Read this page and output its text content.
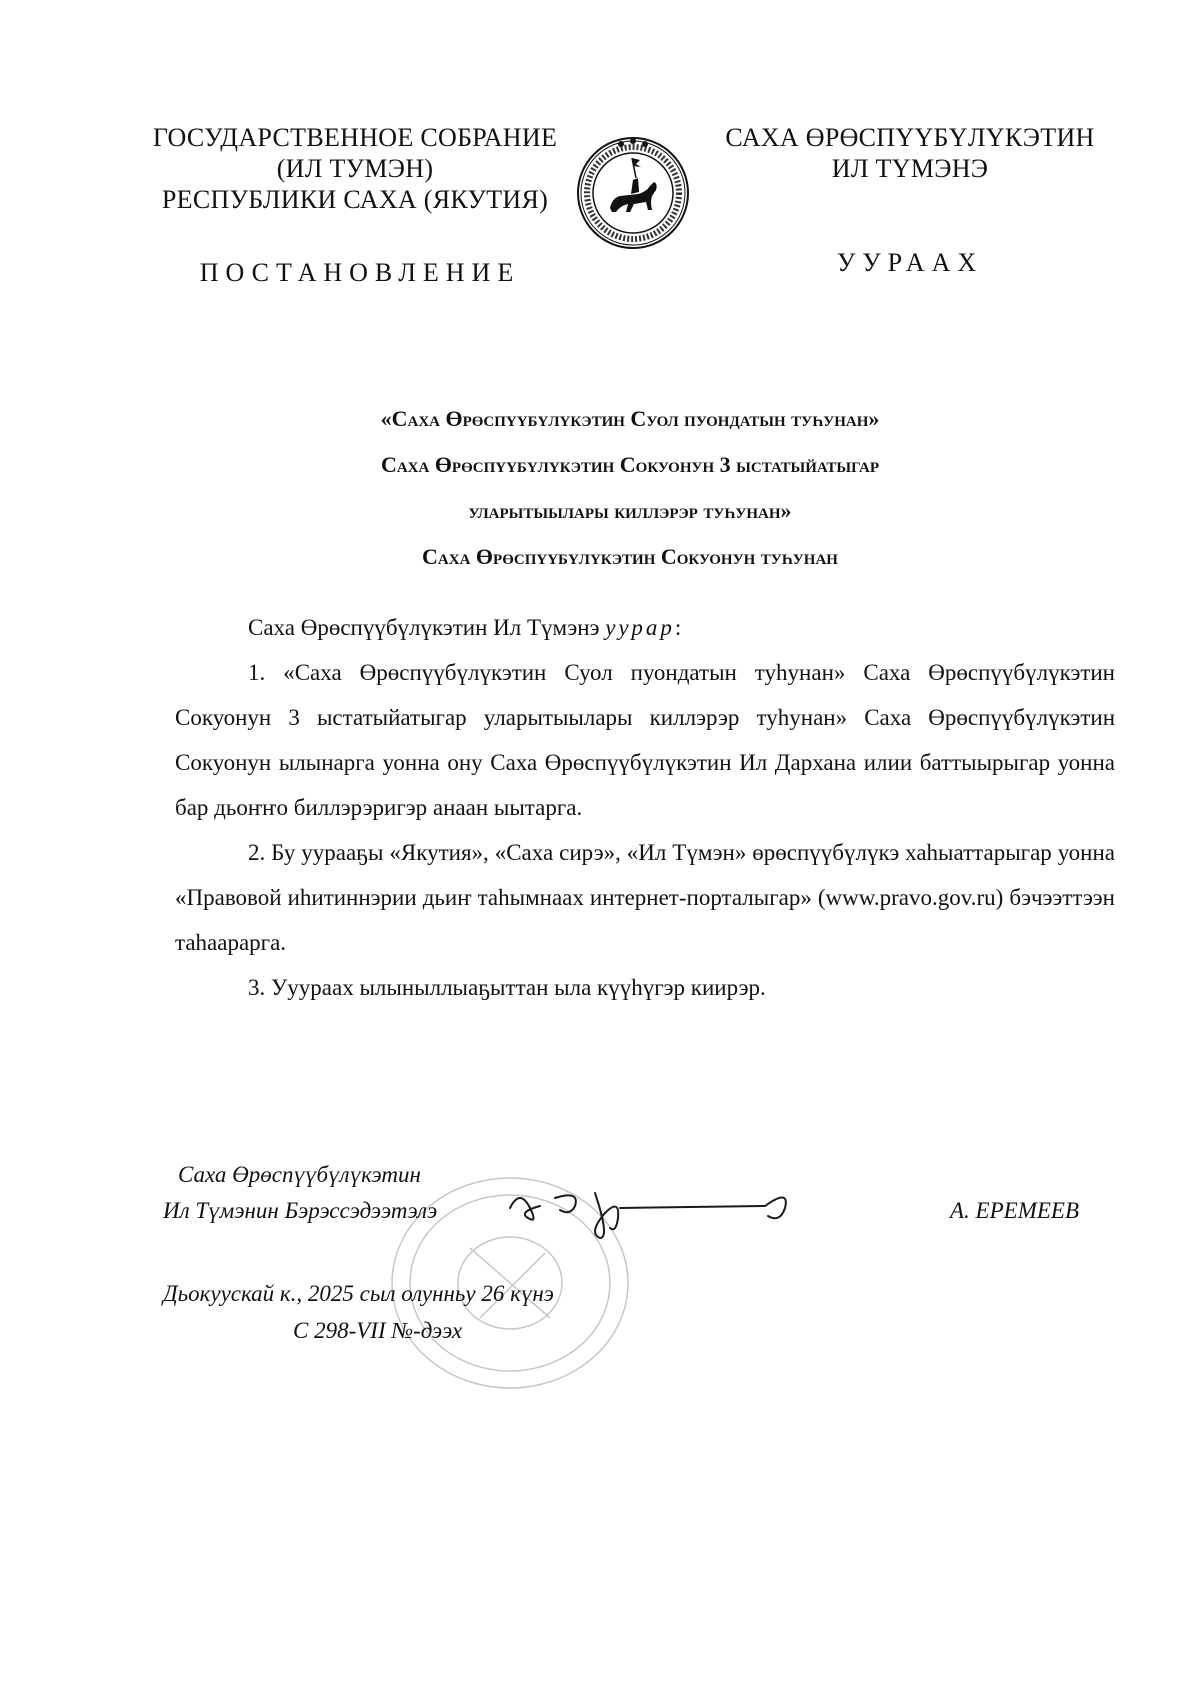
ГОСУДАРСТВЕННОЕ СОБРАНИЕ
(ИЛ ТУМЭН)
РЕСПУБЛИКИ САХА (ЯКУТИЯ)
САХА ӨРӨСПҮҮБҮЛҮКЭТИН
ИЛ ТҮМЭНЭ
ПОСТАНОВЛЕНИЕ	УУРААХ
«Саха Өрөспүүбүлүкэтин Суол пуондатын туһунан»
Саха Өрөспүүбүлүкэтин Сокуонун 3 ыстатыйатыгар
уларытыылары киллэрэр туһунан»
Саха Өрөспүүбүлүкэтин Сокуонун туһунан

Саха Өрөспүүбүлүкэтин Ил Түмэнэ уурар:

1. «Саха Өрөспүүбүлүкэтин Суол пуондатын туһунан» Саха Өрөспүүбүлүкэтин Сокуонун 3 ыстатыйатыгар уларытыылары киллэрэр туһунан» Саха Өрөспүүбүлүкэтин Сокуонун ылынарга уонна ону Саха Өрөспүүбүлүкэтин Ил Дархана илии баттыырыгар уонна бар дьоҥҥо биллэрэригэр анаан ыытарга.

2. Бу уурааҕы «Якутия», «Саха сирэ», «Ил Түмэн» өрөспүүбүлүкэ хаһыаттарыгар уонна «Правовой иһитиннэрии дьиҥ таһымнаах интернет-порталыгар» (www.pravo.gov.ru) бэчээттээн таһаарарга.

3. Ууураах ылыныллыаҕыттан ыла күүһүгэр киирэр.

Саха Өрөспүүбүлүкэтин
Ил Түмэнин Бэрэссэдээтэлэ	А. ЕРЕМЕЕВ
Дьокуускай к., 2025 сыл олунньу 26 күнэ
С 298-VII №-дээх
